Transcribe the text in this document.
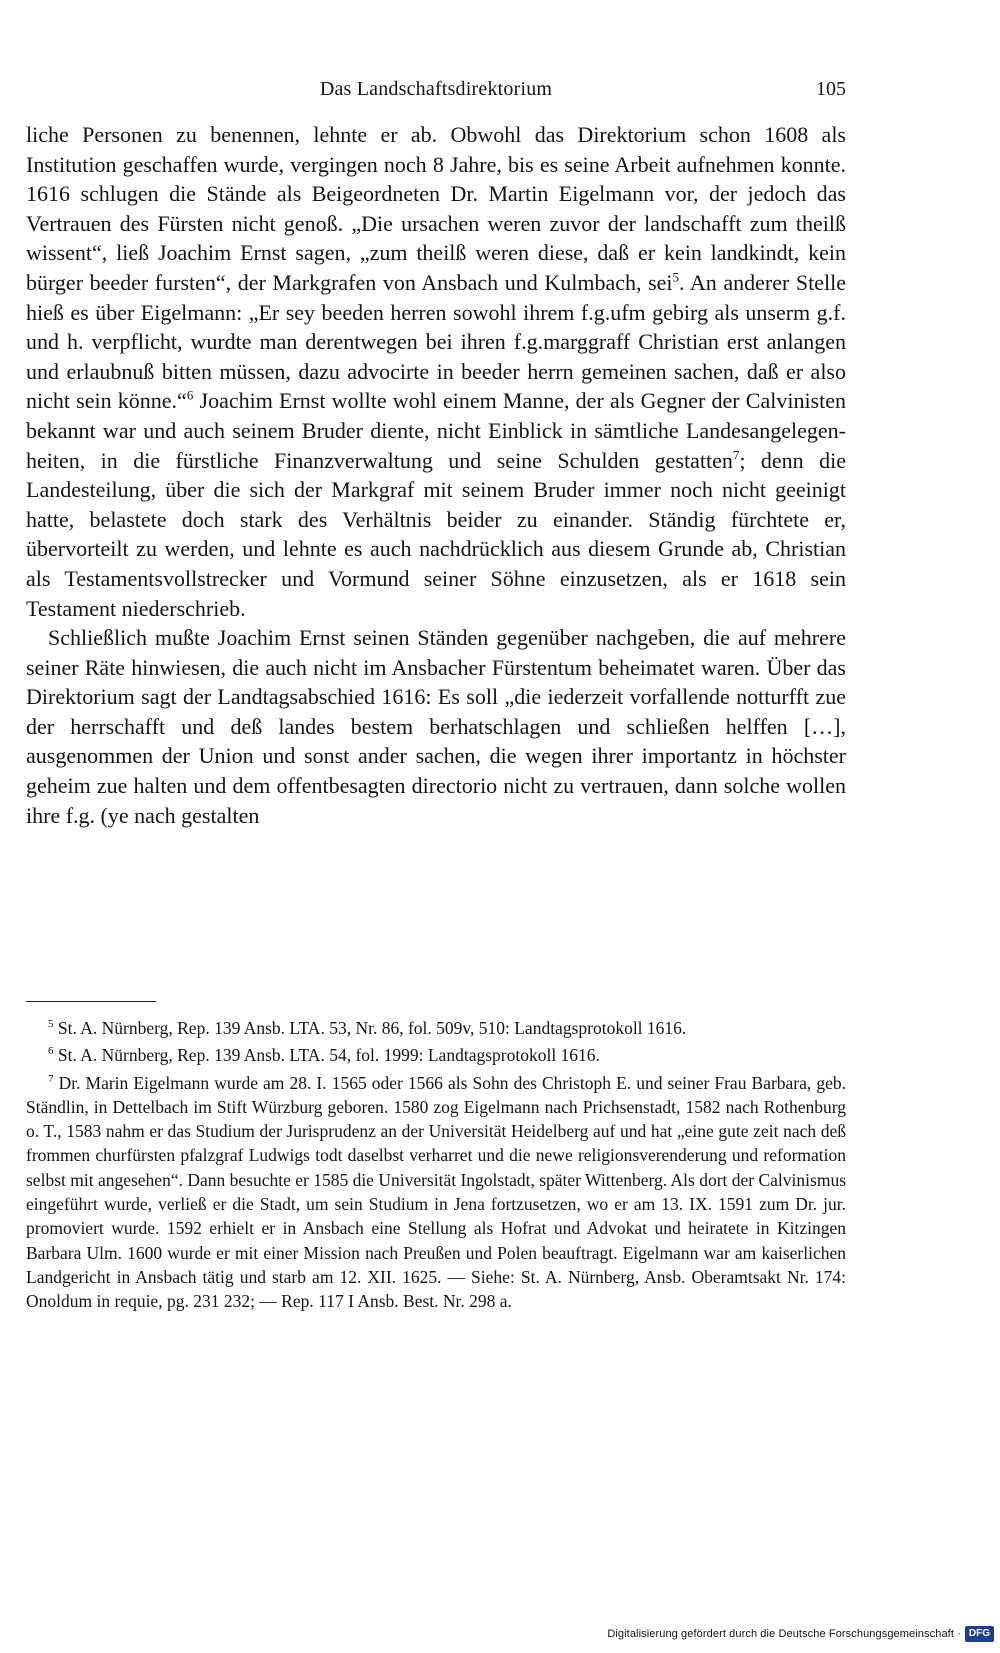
Das Landschaftsdirektorium	105

liche Personen zu benennen, lehnte er ab. Obwohl das Direktorium schon 1608 als Institution geschaffen wurde, vergingen noch 8 Jahre, bis es seine Arbeit aufnehmen konnte. 1616 schlugen die Stände als Beigeordneten Dr. Martin Eigelmann vor, der jedoch das Vertrauen des Fürsten nicht genoß. „Die ursachen weren zuvor der landschafft zum theilß wissent“, ließ Joachim Ernst sagen, „zum theilß weren diese, daß er kein landkindt, kein bürger beeder fursten“, der Markgrafen von Ansbach und Kulmbach, sei$^5$. An anderer Stelle hieß es über Eigelmann: „Er sey beeden herren sowohl ihrem f.g.ufm gebirg als unserm g.f. und h. verpflicht, wurdte man derentwegen bei ihren f.g.marggraff Christian erst anlangen und erlaubnuß bitten müssen, dazu advocirte in beeder herrn gemeinen sachen, daß er also nicht sein könne.“$^6$ Joachim Ernst wollte wohl einem Manne, der als Gegner der Calvinisten bekannt war und auch seinem Bruder diente, nicht Einblick in sämtliche Landesangelegenheiten, in die fürstliche Finanzverwaltung und seine Schulden gestatten$^7$; denn die Landesteilung, über die sich der Markgraf mit seinem Bruder immer noch nicht geeinigt hatte, belastete doch stark des Verhältnis beider zu einander. Ständig fürchtete er, übervorteilt zu werden, und lehnte es auch nachdrücklich aus diesem Grunde ab, Christian als Testamentsvollstrecker und Vormund seiner Söhne einzusetzen, als er 1618 sein Testament niederschrieb.

Schließlich mußte Joachim Ernst seinen Ständen gegenüber nachgeben, die auf mehrere seiner Räte hinwiesen, die auch nicht im Ansbacher Fürstentum beheimatet waren. Über das Direktorium sagt der Landtagsabschied 1616: Es soll „die iederzeit vorfallende notturfft zue der herrschafft und deß landes bestem berhatschlagen und schließen helffen […], ausgenommen der Union und sonst ander sachen, die wegen ihrer importantz in höchster geheim zue halten und dem offentbesagten directorio nicht zu vertrauen, dann solche wollen ihre f.g. (ye nach gestalten

$^5$ St. A. Nürnberg, Rep. 139 Ansb. LTA. 53, Nr. 86, fol. 509v, 510: Landtagsprotokoll 1616.

$^6$ St. A. Nürnberg, Rep. 139 Ansb. LTA. 54, fol. 1999: Landtagsprotokoll 1616.

$^7$ Dr. Marin Eigelmann wurde am 28. I. 1565 oder 1566 als Sohn des Christoph E. und seiner Frau Barbara, geb. Ständlin, in Dettelbach im Stift Würzburg geboren. 1580 zog Eigelmann nach Prichsenstadt, 1582 nach Rothenburg o. T., 1583 nahm er das Studium der Jurisprudenz an der Universität Heidelberg auf und hat „eine gute zeit nach deß frommen churfürsten pfalzgraf Ludwigs todt daselbst verharret und die newe religionsverenderung und reformation selbst mit angesehen“. Dann besuchte er 1585 die Universität Ingolstadt, später Wittenberg. Als dort der Calvinismus eingeführt wurde, verließ er die Stadt, um sein Studium in Jena fortzusetzen, wo er am 13. IX. 1591 zum Dr. jur. promoviert wurde. 1592 erhielt er in Ansbach eine Stellung als Hofrat und Advokat und heiratete in Kitzingen Barbara Ulm. 1600 wurde er mit einer Mission nach Preußen und Polen beauftragt. Eigelmann war am kaiserlichen Landgericht in Ansbach tätig und starb am 12. XII. 1625. — Siehe: St. A. Nürnberg, Ansb. Oberamtsakt Nr. 174: Onoldum in requie, pg. 231 232; — Rep. 117 I Ansb. Best. Nr. 298 a.

Digitalisierung gefördert durch die Deutsche Forschungsgemeinschaft · DFG
